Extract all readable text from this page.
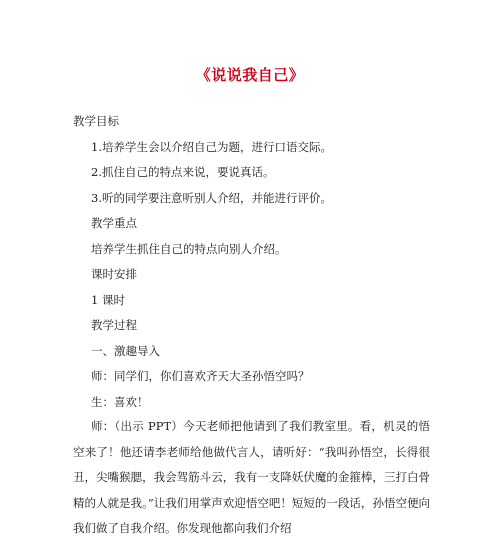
《说说我自己》
教学目标
1.培养学生会以介绍自己为题，进行口语交际。
2.抓住自己的特点来说，要说真话。
3.听的同学要注意听别人介绍，并能进行评价。
教学重点
培养学生抓住自己的特点向别人介绍。
课时安排
1 课时
教学过程
一、激趣导入
师：同学们，你们喜欢齐天大圣孙悟空吗？
生：喜欢！
师：（出示 PPT）今天老师把他请到了我们教室里。看，机灵的悟空来了！他还请李老师给他做代言人，请听好：“我叫孙悟空，长得很丑，尖嘴猴腮，我会驾筋斗云，我有一支降妖伏魔的金箍棒，三打白骨精的人就是我。”让我们用掌声欢迎悟空吧！短短的一段话，孙悟空便向我们做了自我介绍。你发现他都向我们介绍
